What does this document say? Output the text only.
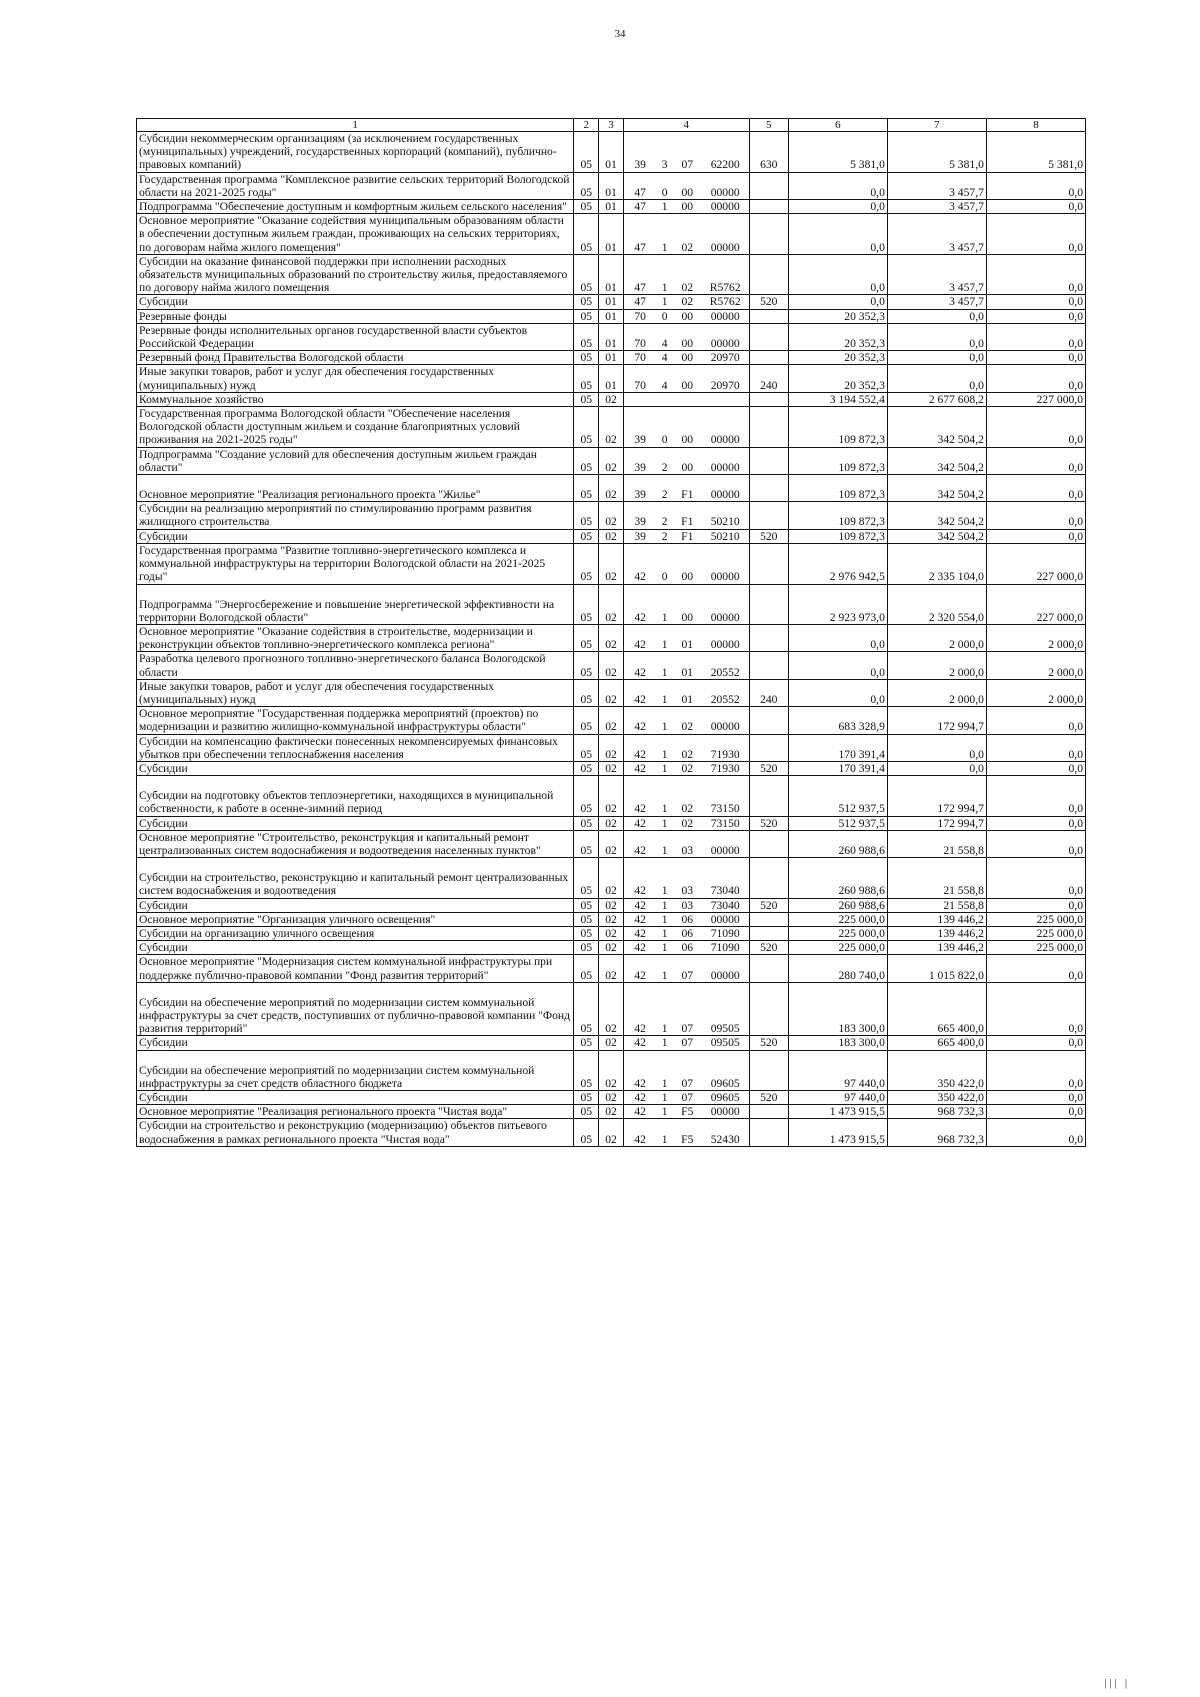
34
1	2	3	4				5	6	7	8
Субсидии некоммерческим организациям (за исключением государственных (муниципальных) учреждений, государственных корпораций (компаний), публично-правовых компаний)	05	01	39	3	07	62200	630	5 381,0	5 381,0	5 381,0
Государственная программа "Комплексное развитие сельских территорий Вологодской области на 2021-2025 годы"	05	01	47	0	00	00000		0,0	3 457,7	0,0
Подпрограмма "Обеспечение доступным и комфортным жильем сельского населения"	05	01	47	1	00	00000		0,0	3 457,7	0,0
Основное мероприятие "Оказание содействия муниципальным образованиям области в обеспечении доступным жильем граждан, проживающих на сельских территориях, по договорам найма жилого помещения"	05	01	47	1	02	00000		0,0	3 457,7	0,0
Субсидии на оказание финансовой поддержки при исполнении расходных обязательств муниципальных образований по строительству жилья, предоставляемого по договору найма жилого помещения	05	01	47	1	02	R5762		0,0	3 457,7	0,0
Субсидии	05	01	47	1	02	R5762	520	0,0	3 457,7	0,0
Резервные фонды	05	01	70	0	00	00000		20 352,3	0,0	0,0
Резервные фонды исполнительных органов государственной власти субъектов Российской Федерации	05	01	70	4	00	00000		20 352,3	0,0	0,0
Резервный фонд Правительства Вологодской области	05	01	70	4	00	20970		20 352,3	0,0	0,0
Иные закупки товаров, работ и услуг для обеспечения государственных (муниципальных) нужд	05	01	70	4	00	20970	240	20 352,3	0,0	0,0
Коммунальное хозяйство	05	02						3 194 552,4	2 677 608,2	227 000,0
Государственная программа Вологодской области "Обеспечение населения Вологодской области доступным жильем и создание благоприятных условий проживания на 2021-2025 годы"	05	02	39	0	00	00000		109 872,3	342 504,2	0,0
Подпрограмма "Создание условий для обеспечения доступным жильем граждан области"	05	02	39	2	00	00000		109 872,3	342 504,2	0,0
Основное мероприятие "Реализация регионального проекта "Жилье"	05	02	39	2	F1	00000		109 872,3	342 504,2	0,0
Субсидии на реализацию мероприятий по стимулированию программ развития жилищного строительства	05	02	39	2	F1	50210		109 872,3	342 504,2	0,0
Субсидии	05	02	39	2	F1	50210	520	109 872,3	342 504,2	0,0
Государственная программа "Развитие топливно-энергетического комплекса и коммунальной инфраструктуры на территории Вологодской области на 2021-2025 годы"	05	02	42	0	00	00000		2 976 942,5	2 335 104,0	227 000,0
Подпрограмма "Энергосбережение и повышение энергетической эффективности на территории Вологодской области"	05	02	42	1	00	00000		2 923 973,0	2 320 554,0	227 000,0
Основное мероприятие "Оказание содействия в строительстве, модернизации и реконструкции объектов топливно-энергетического комплекса региона"	05	02	42	1	01	00000		0,0	2 000,0	2 000,0
Разработка целевого прогнозного топливно-энергетического баланса Вологодской области	05	02	42	1	01	20552		0,0	2 000,0	2 000,0
Иные закупки товаров, работ и услуг для обеспечения государственных (муниципальных) нужд	05	02	42	1	01	20552	240	0,0	2 000,0	2 000,0
Основное мероприятие "Государственная поддержка мероприятий (проектов) по модернизации и развитию жилищно-коммунальной инфраструктуры области"	05	02	42	1	02	00000		683 328,9	172 994,7	0,0
Субсидии на компенсацию фактически понесенных некомпенсируемых финансовых убытков при обеспечении теплоснабжения населения	05	02	42	1	02	71930		170 391,4	0,0	0,0
Субсидии	05	02	42	1	02	71930	520	170 391,4	0,0	0,0
Субсидии на подготовку объектов теплоэнергетики, находящихся в муниципальной собственности, к работе в осенне-зимний период	05	02	42	1	02	73150		512 937,5	172 994,7	0,0
Субсидии	05	02	42	1	02	73150	520	512 937,5	172 994,7	0,0
Основное мероприятие "Строительство, реконструкция и капитальный ремонт централизованных систем водоснабжения и водоотведения населенных пунктов"	05	02	42	1	03	00000		260 988,6	21 558,8	0,0
Субсидии на строительство, реконструкцию и капитальный ремонт централизованных систем водоснабжения и водоотведения	05	02	42	1	03	73040		260 988,6	21 558,8	0,0
Субсидии	05	02	42	1	03	73040	520	260 988,6	21 558,8	0,0
Основное мероприятие "Организация уличного освещения"	05	02	42	1	06	00000		225 000,0	139 446,2	225 000,0
Субсидии на организацию уличного освещения	05	02	42	1	06	71090		225 000,0	139 446,2	225 000,0
Субсидии	05	02	42	1	06	71090	520	225 000,0	139 446,2	225 000,0
Основное мероприятие "Модернизация систем коммунальной инфраструктуры при поддержке публично-правовой компании "Фонд развития территорий"	05	02	42	1	07	00000		280 740,0	1 015 822,0	0,0
Субсидии на обеспечение мероприятий по модернизации систем коммунальной инфраструктуры за счет средств, поступивших от публично-правовой компании "Фонд развития территорий"	05	02	42	1	07	09505		183 300,0	665 400,0	0,0
Субсидии	05	02	42	1	07	09505	520	183 300,0	665 400,0	0,0
Субсидии на обеспечение мероприятий по модернизации систем коммунальной инфраструктуры за счет средств областного бюджета	05	02	42	1	07	09605		97 440,0	350 422,0	0,0
Субсидии	05	02	42	1	07	09605	520	97 440,0	350 422,0	0,0
Основное мероприятие "Реализация регионального проекта "Чистая вода"	05	02	42	1	F5	00000		1 473 915,5	968 732,3	0,0
Субсидии на строительство и реконструкцию (модернизацию) объектов питьевого водоснабжения в рамках регионального проекта "Чистая вода"	05	02	42	1	F5	52430		1 473 915,5	968 732,3	0,0
||| |
